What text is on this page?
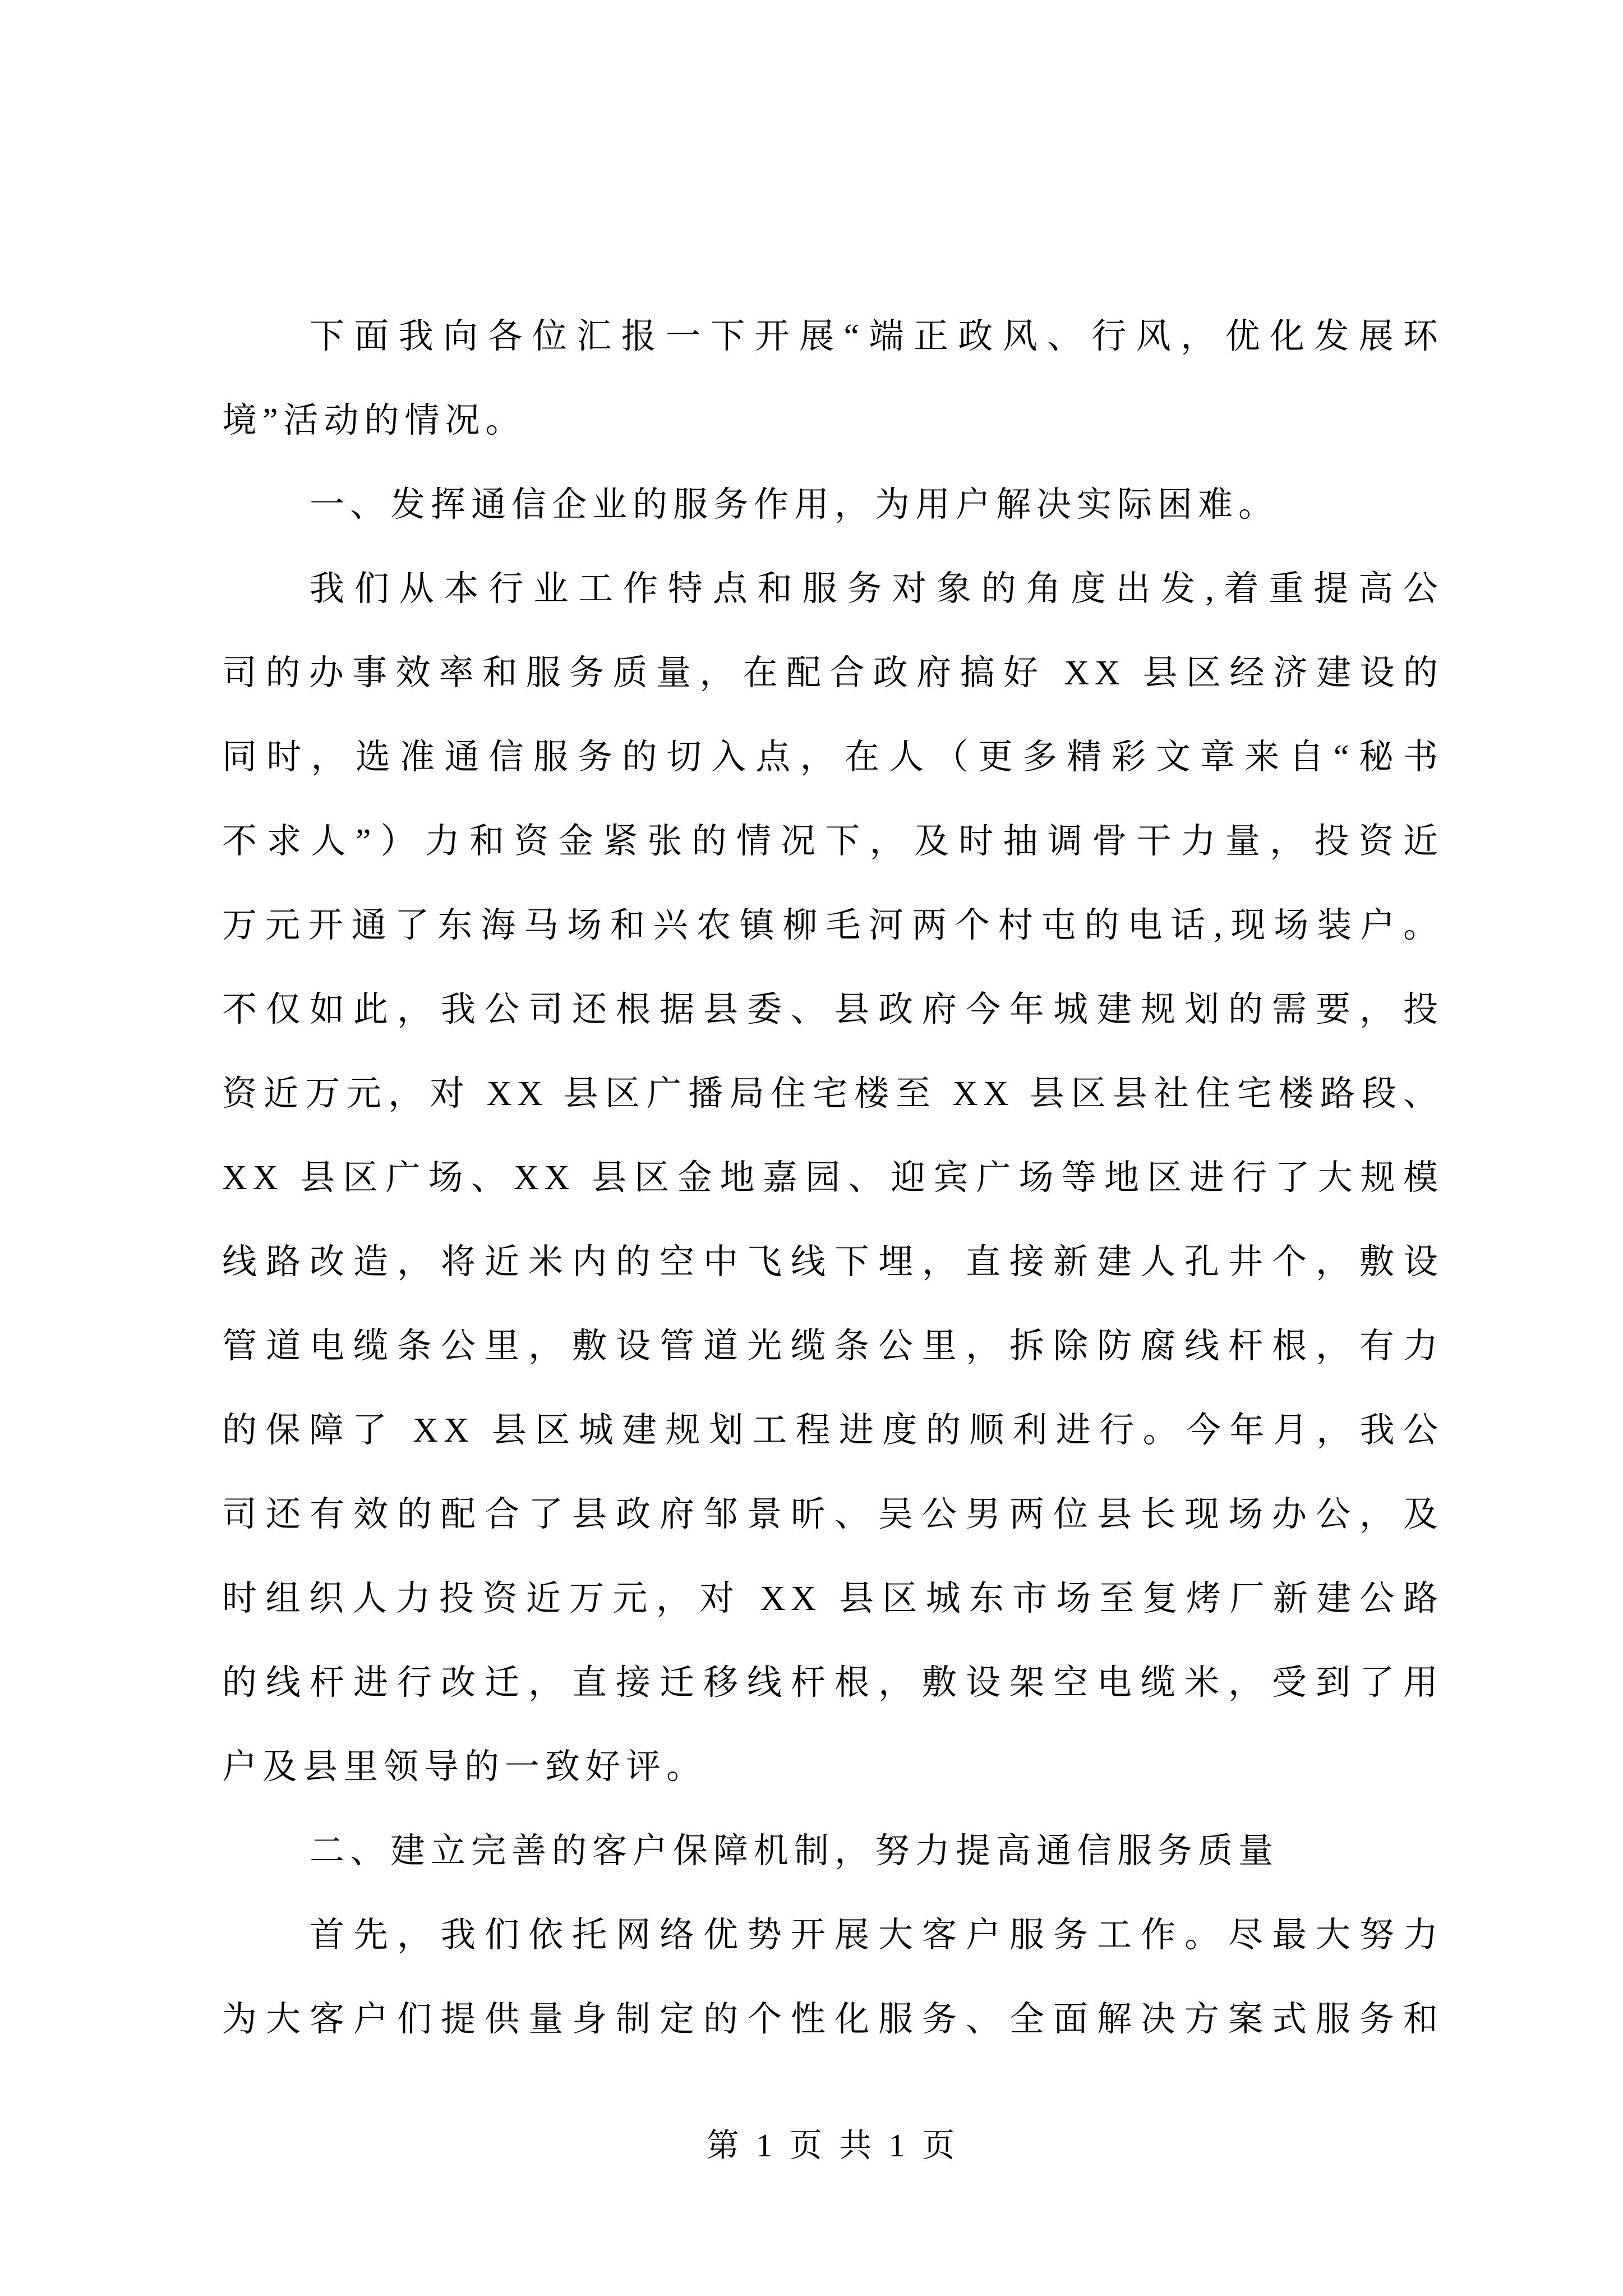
下面我向各位汇报一下开展“端正政风、行风，优化发展环
境”活动的情况。
一、发挥通信企业的服务作用，为用户解决实际困难。
我们从本行业工作特点和服务对象的角度出发,着重提高公
司的办事效率和服务质量，在配合政府搞好 XX 县区经济建设的
同时，选准通信服务的切入点，在人（更多精彩文章来自“秘书
不求人”）力和资金紧张的情况下，及时抽调骨干力量，投资近
万元开通了东海马场和兴农镇柳毛河两个村屯的电话,现场装户。
不仅如此，我公司还根据县委、县政府今年城建规划的需要，投
资近万元，对 XX 县区广播局住宅楼至 XX 县区县社住宅楼路段、
XX 县区广场、XX 县区金地嘉园、迎宾广场等地区进行了大规模
线路改造，将近米内的空中飞线下埋，直接新建人孔井个，敷设
管道电缆条公里，敷设管道光缆条公里，拆除防腐线杆根，有力
的保障了 XX 县区城建规划工程进度的顺利进行。今年月，我公
司还有效的配合了县政府邹景昕、吴公男两位县长现场办公，及
时组织人力投资近万元，对 XX 县区城东市场至复烤厂新建公路
的线杆进行改迁，直接迁移线杆根，敷设架空电缆米，受到了用
户及县里领导的一致好评。
二、建立完善的客户保障机制，努力提高通信服务质量
首先，我们依托网络优势开展大客户服务工作。尽最大努力
为大客户们提供量身制定的个性化服务、全面解决方案式服务和
第 1 页 共 1 页
